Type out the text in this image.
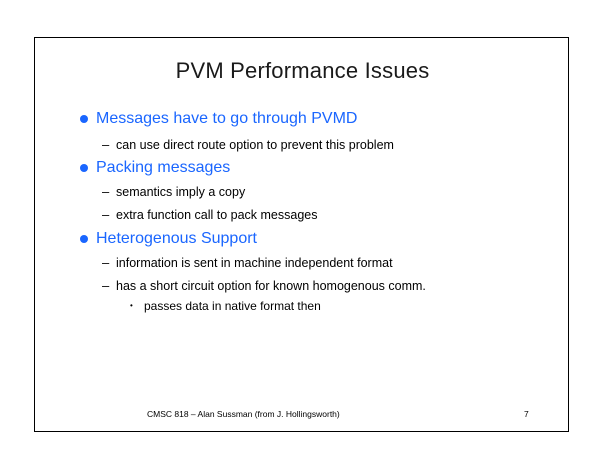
PVM Performance Issues
Messages have to go through PVMD
– can use direct route option to prevent this problem
Packing messages
– semantics imply a copy
– extra function call to pack messages
Heterogenous Support
– information is sent in machine independent format
– has a short circuit option for known homogenous comm.
• passes data in native format then
CMSC 818 – Alan Sussman (from J. Hollingsworth)	7
